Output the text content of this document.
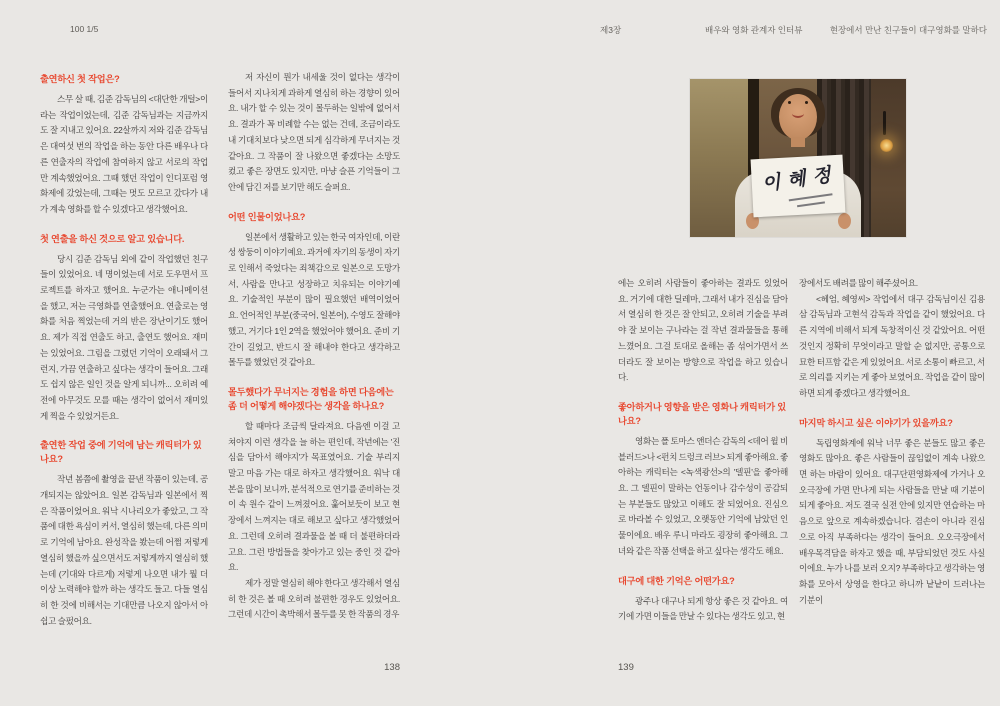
100 1/5	제3장	배우와 영화 관계자 인터뷰	현장에서 만난 친구들이 대구영화를 말하다
출연하신 첫 작업은?
스무 살 때, 김준 감독님의 <대단한 개털>이라는 작업이었는데, 김준 감독님과는 지금까지도 잘 지내고 있어요. 22살까지 저와 김준 감독님은 대여섯 번의 작업을 하는 동안 다른 배우나 다른 연출자의 작업에 참여하지 않고 서로의 작업만 계속했었어요. 그때 했던 작업이 인디포럼 영화제에 갔었는데, 그때는 멋도 모르고 갔다가 내가 계속 영화를 할 수 있겠다고 생각했어요.
첫 연출을 하신 것으로 알고 있습니다.
당시 김준 감독님 외에 같이 작업했던 친구들이 있었어요. 네 명이었는데 서로 도우면서 프로젝트를 하자고 했어요. 누군가는 애니메이션을 했고, 저는 극영화를 연출했어요. 연출로는 영화를 처음 찍었는데 거의 반은 장난이기도 했어요. 제가 직접 연출도 하고, 출연도 했어요. 재미는 있었어요. 그림을 그렸던 기억이 오래돼서 그런지, 가끔 연출하고 싶다는 생각이 들어요. 그래도 쉽지 않은 일인 것을 알게 되니까... 오히려 예전에 아무것도 모를 때는 생각이 없어서 재미있게 찍을 수 있었거든요.
출연한 작업 중에 기억에 남는 캐릭터가 있나요?
작년 봄쯤에 촬영을 끝낸 작품이 있는데, 공개되지는 않았어요. 일본 감독님과 일본에서 찍은 작품이었어요. 워낙 시나리오가 좋았고, 그 작품에 대한 욕심이 커서, 열심히 했는데, 다른 의미로 기억에 남아요. 완성작을 봤는데 어쩜 저렇게 열심히 했을까 싶으면서도 저렇게까지 열심히 했는데 (기대와 다르게) 저렇게 나오면 내가 뭘 더 이상 노력해야 할까 하는 생각도 들고. 다들 열심히 한 것에 비해서는 기대만큼 나오지 않아서 아쉽고 슬펐어요.
저 자신이 뭔가 내세울 것이 없다는 생각이 들어서 지나치게 과하게 열심히 하는 경향이 있어요. 내가 할 수 있는 것이 몰두하는 일밖에 없어서요. 결과가 꼭 비례할 수는 없는 건데, 조금이라도 내 기대치보다 낮으면 되게 심각하게 무너지는 것 같아요. 그 작품이 잘 나왔으면 좋겠다는 소망도 컸고 좋은 장면도 있지만, 마냥 슬픈 기억들이 그 안에 담긴 저를 보기만 해도 슬퍼요.
어떤 인물이었나요?
일본에서 생활하고 있는 한국 여자인데, 이란성 쌍둥이 이야기예요. 과거에 자기의 동생이 자기로 인해서 죽었다는 죄책감으로 일본으로 도망가서, 사람을 만나고 성장하고 치유되는 이야기예요. 기술적인 부분이 많이 필요했던 배역이었어요. 언어적인 부분(중국어, 일본어), 수영도 잘해야 했고, 거기다 1인 2역을 했었어야 했어요. 준비 기간이 길었고, 반드시 잘 해내야 한다고 생각하고 몰두를 했었던 것 같아요.
몰두했다가 무너지는 경험을 하면 다음에는 좀 더 어떻게 해야겠다는 생각을 하나요?
할 때마다 조금씩 달라져요. 다음엔 이걸 고쳐야지 이런 생각을 늘 하는 편인데, 작년에는 '진심을 담아서 해야지'가 목표였어요. 기술 부리지 말고 마음 가는 대로 하자고 생각했어요. 워낙 대본을 많이 보니까, 분석적으로 연기를 준비하는 것이 속 원수 같이 느껴졌어요. 훑어보듯이 보고 현장에서 느껴지는 대로 해보고 싶다고 생각했었어요. 그런데 오히려 결과물을 볼 때 더 불편하더라고요. 그런 방법들을 찾아가고 있는 중인 것 같아요.
제가 정말 열심히 해야 한다고 생각해서 열심히 한 것은 볼 때 오히려 불편한 경우도 있었어요. 그런데 시간이 촉박해서 몰두를 못 한 작품의 경우
에는 오히려 사람들이 좋아하는 결과도 있었어요. 거기에 대한 딜레마, 그래서 내가 진심을 담아서 열심히 한 것은 잘 안되고, 오히려 기술을 부려야 잘 보이는 구나라는 걸 작년 결과물들을 통해 느꼈어요. 그걸 토대로 올해는 좀 섞어가면서 쓰더라도 잘 보이는 방향으로 작업을 하고 있습니다.
좋아하거나 영향을 받은 영화나 캐릭터가 있나요?
영화는 폴 토마스 앤더슨 감독의 <데어 윌 비 블러드>나 <펀치 드렁크 러브> 되게 좋아해요. 좋아하는 캐릭터는 <녹색광선>의 '델핀'을 좋아해요. 그 델핀이 말하는 언동이나 감수성이 공감되는 부분들도 많았고 이해도 잘 되었어요. 진심으로 바라볼 수 있었고, 오랫동안 기억에 남았던 인물이에요. 배우 루니 마라도 굉장히 좋아해요. 그녀와 같은 작품 선택을 하고 싶다는 생각도 해요.
대구에 대한 기억은 어떤가요?
광주나 대구나 되게 항상 좋은 것 같아요. 여기에 가면 이들을 만날 수 있다는 생각도 있고, 현
장에서도 배려를 많이 해주셨어요.
<헤엄, 혜영씨> 작업에서 대구 감독님이신 김용삼 감독님과 고현석 감독과 작업을 같이 했었어요. 다른 지역에 비해서 되게 독창적이신 것 같았어요. 어떤 것인지 정확히 무엇이라고 말할 순 없지만, 공통으로 묘한 터프함 같은 게 있었어요. 서로 소통이 빠르고, 서로 의리를 지키는 게 좋아 보였어요. 작업을 같이 많이 하면 되게 좋겠다고 생각했어요.
마지막 하시고 싶은 이야기가 있을까요?
독립영화계에 워낙 너무 좋은 분들도 많고 좋은 영화도 많아요. 좋은 사람들이 끊임없이 계속 나왔으면 하는 바람이 있어요. 대구단편영화제에 가거나 오오극장에 가면 만나게 되는 사람들을 만날 때 기분이 되게 좋아요. 저도 결국 실전 안에 있지만 연습하는 마음으로 앞으로 계속하겠습니다. 겸손이 아니라 진심으로 아직 부족하다는 생각이 들어요. 오오극장에서 배우목격담을 하자고 했을 때, 부담되었던 것도 사실이에요. 누가 나를 보러 오지? 부족하다고 생각하는 영화를 모아서 상영을 한다고 하니까 낱낱이 드러나는 기분이
이혜정
138	139
